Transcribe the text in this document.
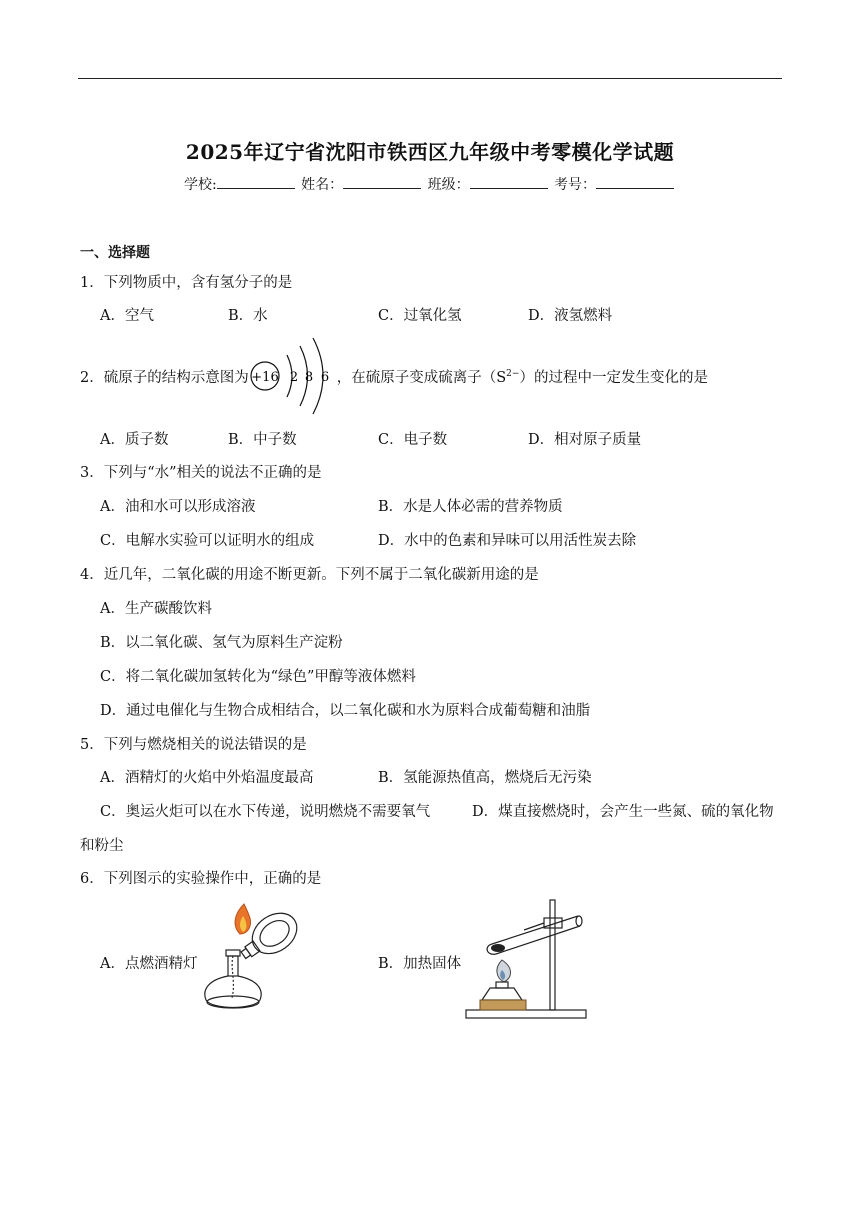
2025年辽宁省沈阳市铁西区九年级中考零模化学试题
学校:	姓名：	班级：	考号：
一、选择题
1．下列物质中，含有氢分子的是
A．空气	B．水	C．过氧化氢	D．液氢燃料
2．硫原子的结构示意图为 +16 2 8 6 ，在硫原子变成硫离子$(S^{2-})$的过程中一定发生变化的是
A．质子数	B．中子数	C．电子数	D．相对原子质量
3．下列与“水”相关的说法不正确的是
A．油和水可以形成溶液	B．水是人体必需的营养物质
C．电解水实验可以证明水的组成	D．水中的色素和异味可以用活性炭去除
4．近几年，二氧化碳的用途不断更新。下列不属于二氧化碳新用途的是
A．生产碳酸饮料
B．以二氧化碳、氢气为原料生产淀粉
C．将二氧化碳加氢转化为“绿色”甲醇等液体燃料
D．通过电催化与生物合成相结合，以二氧化碳和水为原料合成葡萄糖和油脂
5．下列与燃烧相关的说法错误的是
A．酒精灯的火焰中外焰温度最高	B．氢能源热值高，燃烧后无污染
C．奥运火炬可以在水下传递，说明燃烧不需要氧气	D．煤直接燃烧时，会产生一些氮、硫的氧化物
和粉尘
6．下列图示的实验操作中，正确的是
A．点燃酒精灯	B．加热固体
